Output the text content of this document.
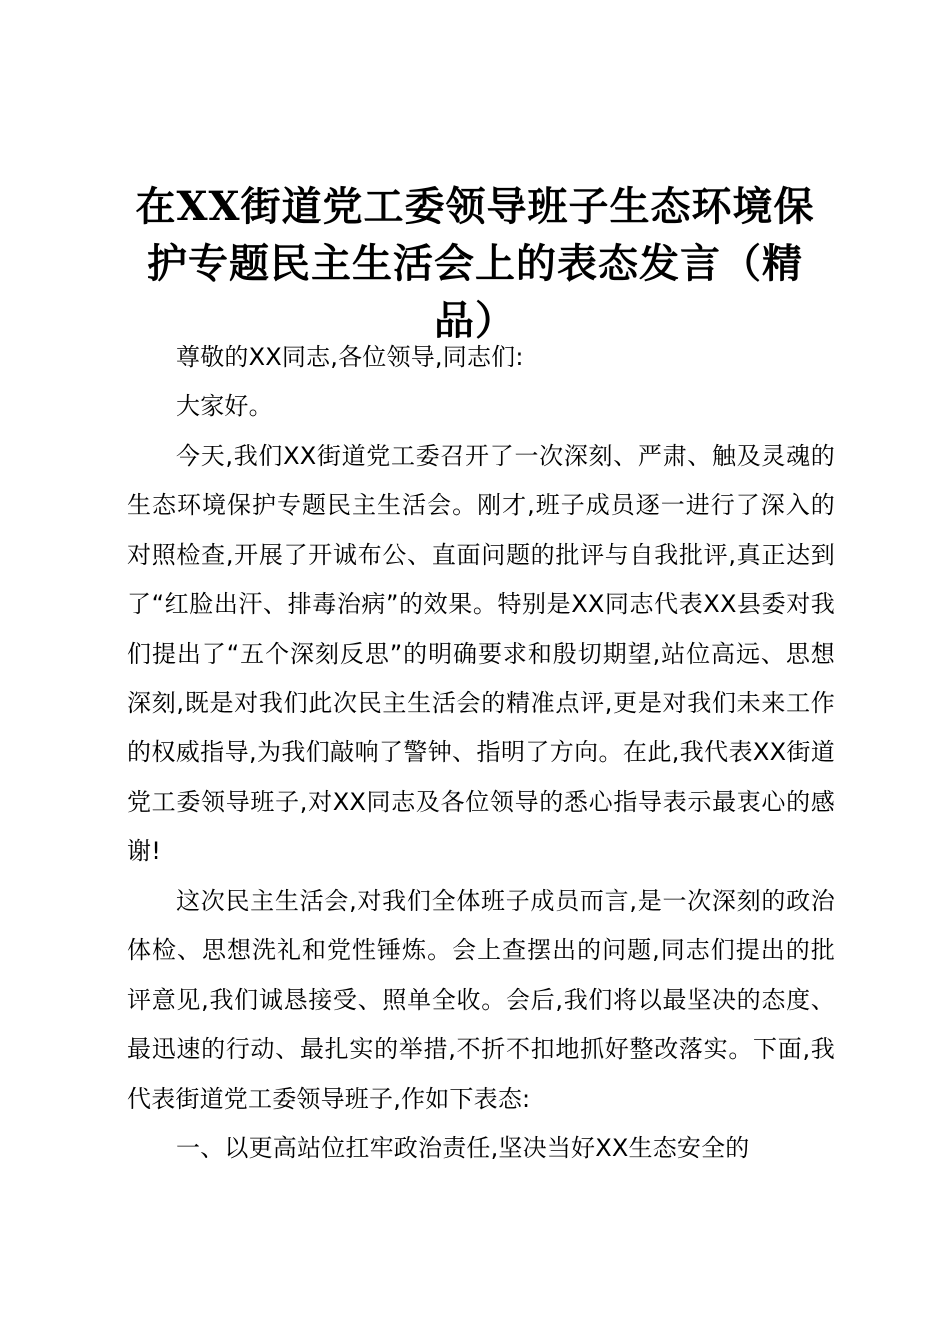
在XX街道党工委领导班子生态环境保护专题民主生活会上的表态发言（精品）

尊敬的XX同志,各位领导,同志们:

大家好。

今天,我们XX街道党工委召开了一次深刻、严肃、触及灵魂的生态环境保护专题民主生活会。刚才,班子成员逐一进行了深入的对照检查,开展了开诚布公、直面问题的批评与自我批评,真正达到了“红脸出汗、排毒治病”的效果。特别是XX同志代表XX县委对我们提出了“五个深刻反思”的明确要求和殷切期望,站位高远、思想深刻,既是对我们此次民主生活会的精准点评,更是对我们未来工作的权威指导,为我们敲响了警钟、指明了方向。在此,我代表XX街道党工委领导班子,对XX同志及各位领导的悉心指导表示最衷心的感谢!

这次民主生活会,对我们全体班子成员而言,是一次深刻的政治体检、思想洗礼和党性锤炼。会上查摆出的问题,同志们提出的批评意见,我们诚恳接受、照单全收。会后,我们将以最坚决的态度、最迅速的行动、最扎实的举措,不折不扣地抓好整改落实。下面,我代表街道党工委领导班子,作如下表态:

一、以更高站位扛牢政治责任,坚决当好XX生态安全的
